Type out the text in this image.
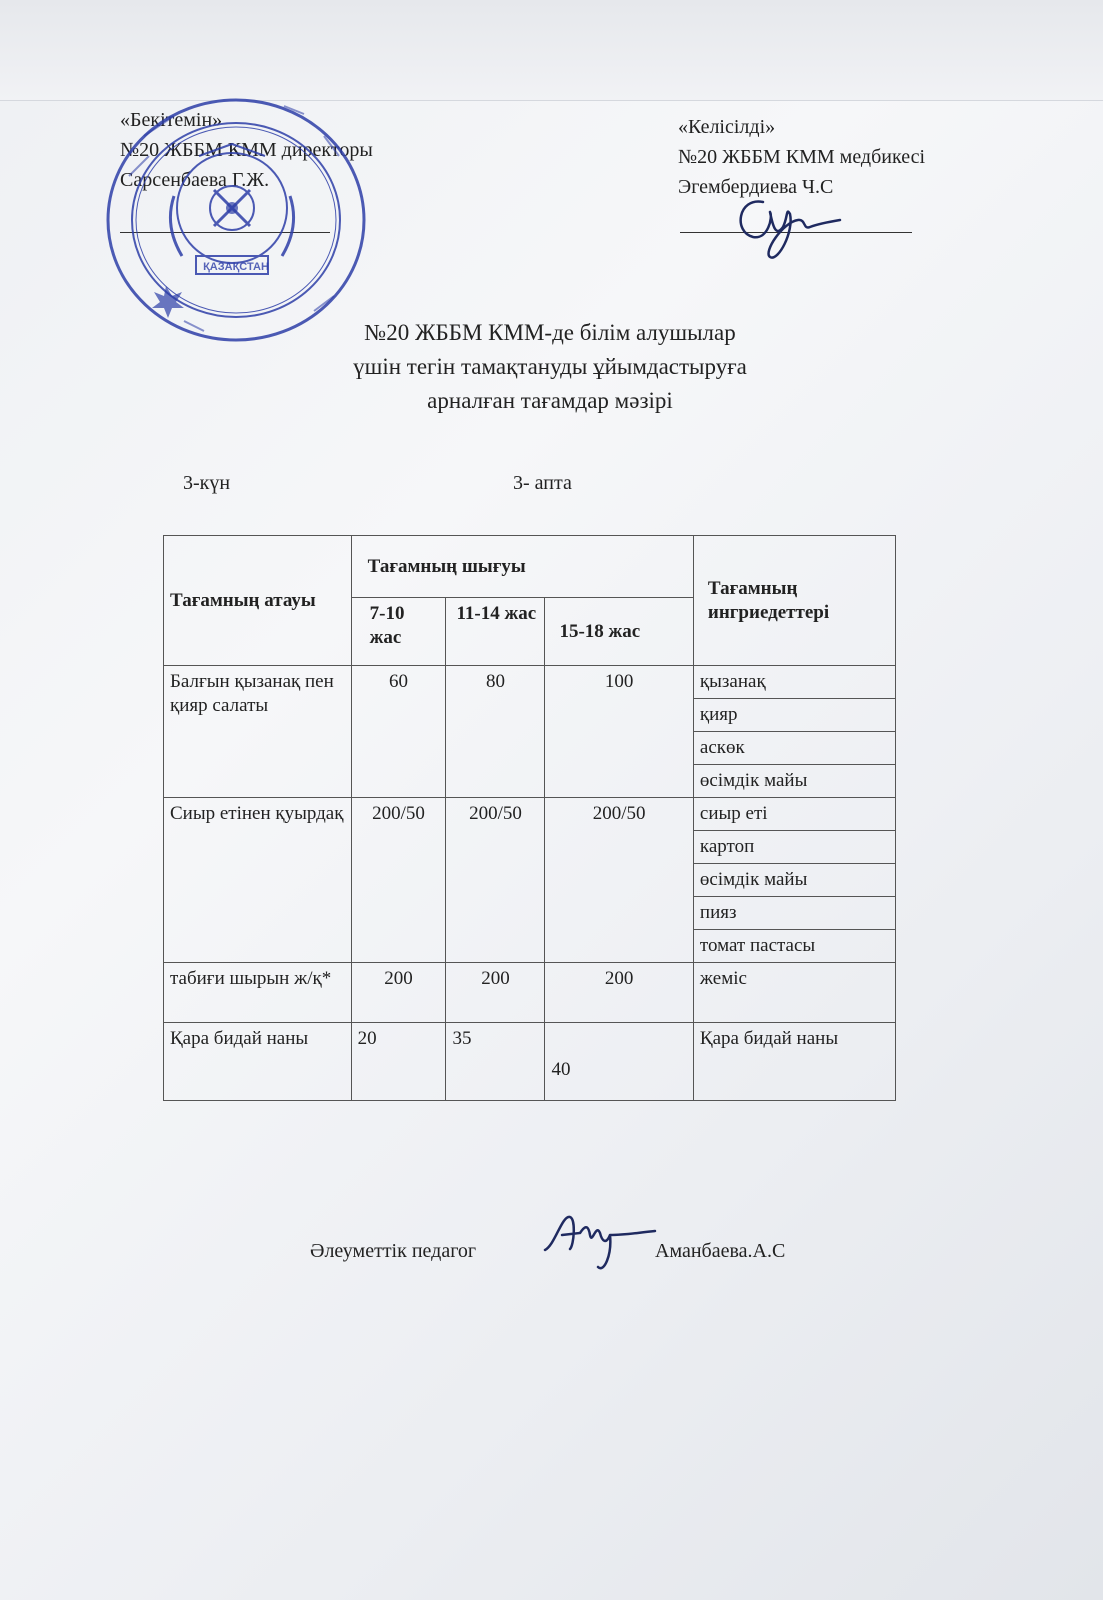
«Бекітемін»
№20 ЖББМ КММ директоры
Сарсенбаева Г.Ж.
ҚАЗАҚСТАН
«Келісілді»
№20 ЖББМ КММ медбикесі
Эгембердиева Ч.С
№20 ЖББМ КММ-де білім алушылар
үшін тегін тамақтануды ұйымдастыруға
арналған тағамдар мәзірі
3-күн	3- апта
Тағамның атауы	Тағамның шығуы			Тағамның ингриедеттері
	7-10 жас	11-14 жас	15-18 жас	
Балғын қызанақ пен қияр салаты	60	80	100	қызанақ
				қияр
				аскөк
				өсімдік майы
Сиыр етінен қуырдақ	200/50	200/50	200/50	сиыр еті
				картоп
				өсімдік майы
				пияз
				томат пастасы
табиғи шырын ж/қ*	200	200	200	жеміс
Қара бидай наны	20	35	40	Қара бидай наны
Әлеуметтік педагог	Аманбаева.А.С
